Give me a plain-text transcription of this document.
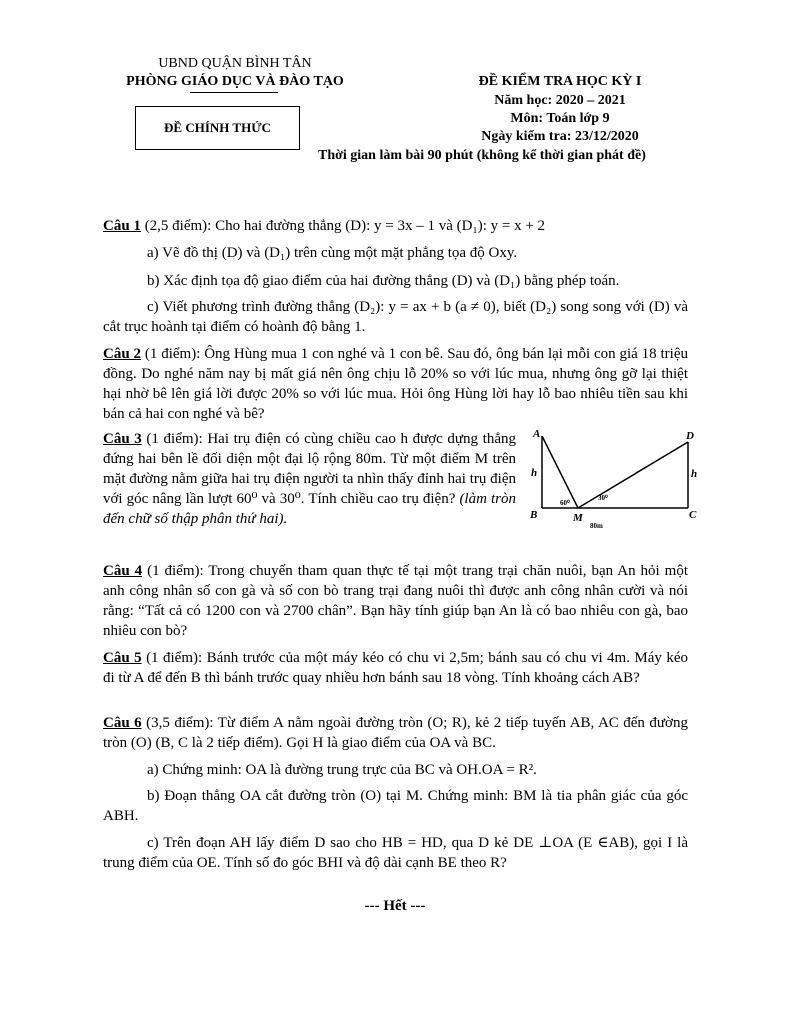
UBND QUẬN BÌNH TÂN
PHÒNG GIÁO DỤC VÀ ĐÀO TẠO
ĐỀ CHÍNH THỨC
ĐỀ KIỂM TRA HỌC KỲ I
Năm học: 2020 – 2021
Môn: Toán lớp 9
Ngày kiểm tra: 23/12/2020
Thời gian làm bài 90 phút (không kể thời gian phát đề)
Câu 1 (2,5 điểm): Cho hai đường thẳng (D): y = 3x – 1 và (D₁): y = x + 2
a) Vẽ đồ thị (D) và (D₁) trên cùng một mặt phẳng tọa độ Oxy.
b) Xác định tọa độ giao điểm của hai đường thẳng (D) và (D₁) bằng phép toán.
c) Viết phương trình đường thẳng (D₂): y = ax + b (a ≠ 0), biết (D₂) song song với (D) và cắt trục hoành tại điểm có hoành độ bằng 1.
Câu 2 (1 điểm): Ông Hùng mua 1 con nghé và 1 con bê. Sau đó, ông bán lại mỗi con giá 18 triệu đồng. Do nghé năm nay bị mất giá nên ông chịu lỗ 20% so với lúc mua, nhưng ông gỡ lại thiệt hại nhờ bê lên giá lời được 20% so với lúc mua. Hỏi ông Hùng lời hay lỗ bao nhiêu tiền sau khi bán cả hai con nghé và bê?
Câu 3 (1 điểm): Hai trụ điện có cùng chiều cao h được dựng thẳng đứng hai bên lề đối diện một đại lộ rộng 80m. Từ một điểm M trên mặt đường nằm giữa hai trụ điện người ta nhìn thấy đỉnh hai trụ điện với góc nâng lần lượt 60⁰ và 30⁰. Tính chiều cao trụ điện? (làm tròn đến chữ số thập phân thứ hai).
A	D
B	C
M
h	h
60⁰
30⁰
80m
Câu 4 (1 điểm): Trong chuyến tham quan thực tế tại một trang trại chăn nuôi, bạn An hỏi một anh công nhân số con gà và số con bò trang trại đang nuôi thì được anh công nhân cười và nói rằng: “Tất cả có 1200 con và 2700 chân”. Bạn hãy tính giúp bạn An là có bao nhiêu con gà, bao nhiêu con bò?
Câu 5 (1 điểm): Bánh trước của một máy kéo có chu vi 2,5m; bánh sau có chu vi 4m. Máy kéo đi từ A để đến B thì bánh trước quay nhiều hơn bánh sau 18 vòng. Tính khoảng cách AB?
Câu 6 (3,5 điểm): Từ điểm A nằm ngoài đường tròn (O; R), kẻ 2 tiếp tuyến AB, AC đến đường tròn (O) (B, C là 2 tiếp điểm). Gọi H là giao điểm của OA và BC.
a) Chứng minh: OA là đường trung trực của BC và OH.OA = R².
b) Đoạn thẳng OA cắt đường tròn (O) tại M. Chứng minh: BM là tia phân giác của góc ABH.
c) Trên đoạn AH lấy điểm D sao cho HB = HD, qua D kẻ DE ⊥OA (E ∈AB), gọi I là trung điểm của OE. Tính số đo góc BHI và độ dài cạnh BE theo R?
--- Hết ---
